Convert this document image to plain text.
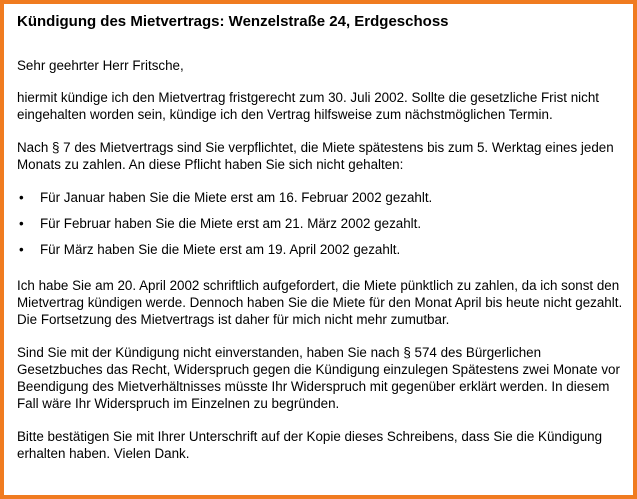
Kündigung des Mietvertrags: Wenzelstraße 24, Erdgeschoss

Sehr geehrter Herr Fritsche,

hiermit kündige ich den Mietvertrag fristgerecht zum 30. Juli 2002. Sollte die gesetzliche Frist nicht eingehalten worden sein, kündige ich den Vertrag hilfsweise zum nächstmöglichen Termin.

Nach § 7 des Mietvertrags sind Sie verpflichtet, die Miete spätestens bis zum 5. Werktag eines jeden Monats zu zahlen. An diese Pflicht haben Sie sich nicht gehalten:

• Für Januar haben Sie die Miete erst am 16. Februar 2002 gezahlt.
• Für Februar haben Sie die Miete erst am 21. März 2002 gezahlt.
• Für März haben Sie die Miete erst am 19. April 2002 gezahlt.

Ich habe Sie am 20. April 2002 schriftlich aufgefordert, die Miete pünktlich zu zahlen, da ich sonst den Mietvertrag kündigen werde. Dennoch haben Sie die Miete für den Monat April bis heute nicht gezahlt. Die Fortsetzung des Mietvertrags ist daher für mich nicht mehr zumutbar.

Sind Sie mit der Kündigung nicht einverstanden, haben Sie nach § 574 des Bürgerlichen Gesetzbuches das Recht, Widerspruch gegen die Kündigung einzulegen Spätestens zwei Monate vor Beendigung des Mietverhältnisses müsste Ihr Widerspruch mit gegenüber erklärt werden. In diesem Fall wäre Ihr Widerspruch im Einzelnen zu begründen.

Bitte bestätigen Sie mit Ihrer Unterschrift auf der Kopie dieses Schreibens, dass Sie die Kündigung erhalten haben. Vielen Dank.
